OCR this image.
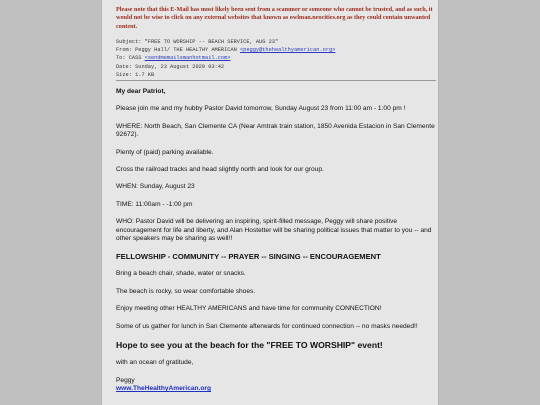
Please note that this E-Mail has most likely been sent from a scammer or someone who cannot be trusted, and as such, it would not be wise to click on any external websites that known as owlman.neocities.org as they could contain unwanted content.
Subject: "FREE TO WORSHIP -- BEACH SERVICE, AUG 23"
From: Peggy Hall/ THE HEALTHY AMERICAN <peggy@thehealthyamerican.org>
To: CASS <sendmemailsmanhotmail.com>
Date: Sunday, 23 August 2020 03:42
Size: 1.7 KB

My dear Patriot,

Please join me and my hubby Pastor David tomorrow, Sunday August 23 from 11:00 am - 1:00 pm !

WHERE: North Beach, San Clemente CA (Near Amtrak train station, 1850 Avenida Estacion in San Clemente 92672).

Plenty of (paid) parking available.

Cross the railroad tracks and head slightly north and look for our group.

WHEN: Sunday, August 23

TIME: 11:00am - -1:00 pm

WHO: Pastor David will be delivering an inspiring, spirit-filled message, Peggy will share positive encouragement for life and liberty, and Alan Hostetter will be sharing political issues that matter to you -- and other speakers may be sharing as well!!

FELLOWSHIP - COMMUNITY -- PRAYER -- SINGING -- ENCOURAGEMENT

Bring a beach chair, shade, water or snacks.

The beach is rocky, so wear comfortable shoes.

Enjoy meeting other HEALTHY AMERICANS and have time for community CONNECTION!

Some of us gather for lunch in San Clemente afterwards for continued connection -- no masks needed!!

Hope to see you at the beach for the "FREE TO WORSHIP" event!

with an ocean of gratitude,

Peggy

www.TheHealthyAmerican.org
